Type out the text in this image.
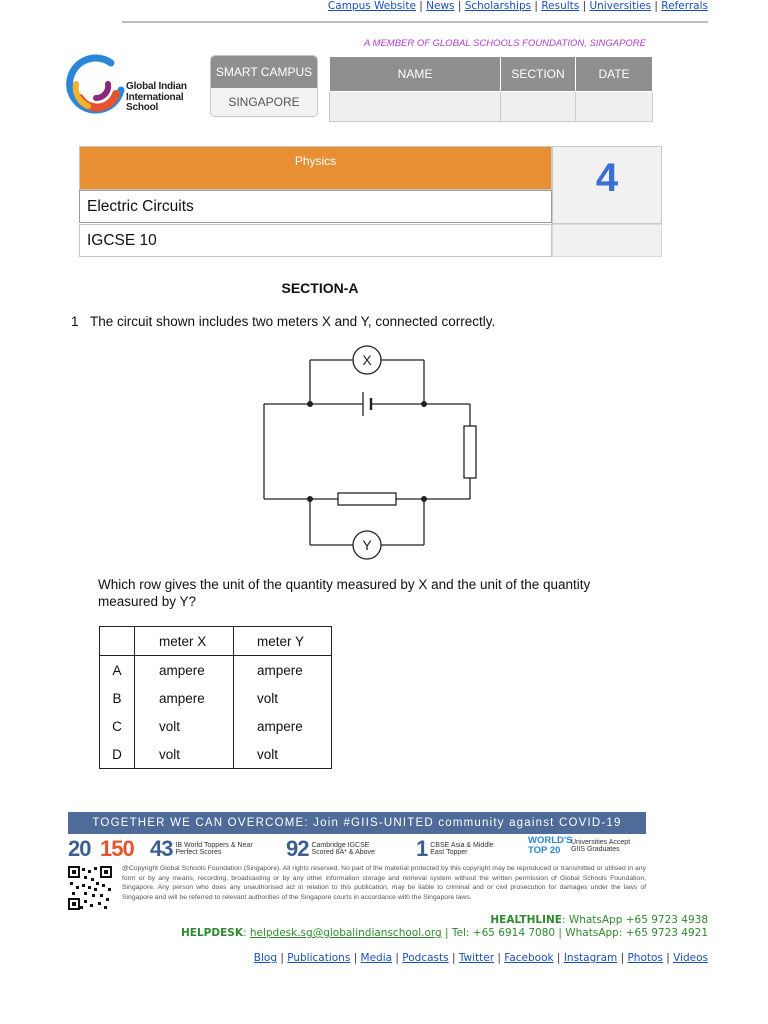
Campus Website | News | Scholarships | Results | Universities | Referrals
A MEMBER OF GLOBAL SCHOOLS FOUNDATION, SINGAPORE
Global Indian
International
School
SMART CAMPUS
SINGAPORE
NAME	SECTION	DATE

Physics
Electric Circuits
IGCSE 10
4
SECTION-A
1 The circuit shown includes two meters X and Y, connected correctly.
X
Y
Which row gives the unit of the quantity measured by X and the unit of the quantity measured by Y?
	meter X	meter Y
A	ampere	ampere
B	ampere	volt
C	volt	ampere
D	volt	volt
TOGETHER WE CAN OVERCOME: Join #GIIS-UNITED community against COVID-19
20 150 43 IB World Toppers & Near Perfect Scores	92 Cambridge IGCSE Scored 8A* & Above	1 CBSE Asia & Middle East Topper
WORLD'S TOP 20
Universities Accept GIIS Graduates
@Copyright Global Schools Foundation (Singapore). All rights reserved. No part of the material protected by this copyright may be reproduced or transmitted or utilised in any form or by any means, recording, broadcasting or by any other information storage and retrieval system without the written permission of Global Schools Foundation, Singapore. Any person who does any unauthorised act in relation to this publication, may be liable to criminal and or civil prosecution for damages under the laws of Singapore and will be referred to relevant authorities of the Singapore courts in accordance with the Singapore laws.
HEALTHLINE: WhatsApp +65 9723 4938
HELPDESK: helpdesk.sg@globalindianschool.org | Tel: +65 6914 7080 | WhatsApp: +65 9723 4921
Blog | Publications | Media | Podcasts | Twitter | Facebook | Instagram | Photos | Videos
